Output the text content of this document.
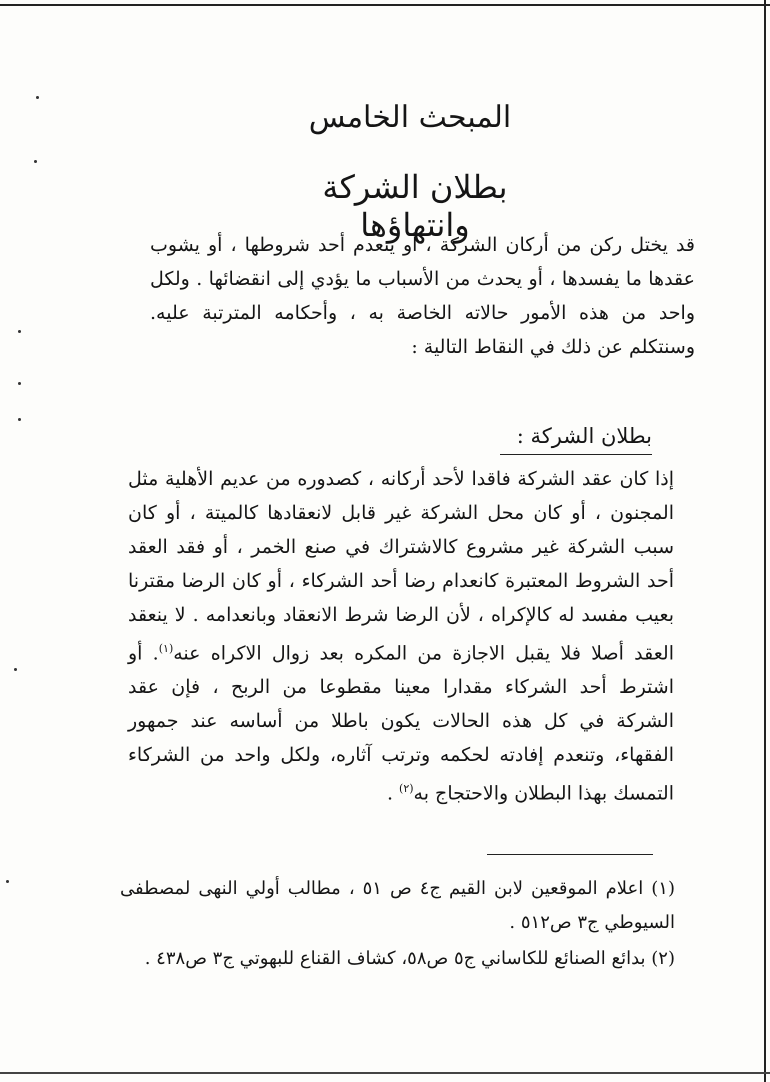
المبحث الخامس
بطلان الشركة وانتهاؤها

قد يختل ركن من أركان الشركة ، أو ينعدم أحد شروطها ، أو يشوب عقدها ما يفسدها ، أو يحدث من الأسباب ما يؤدي إلى انقضائها . ولكل واحد من هذه الأمور حالاته الخاصة به ، وأحكامه المترتبة عليه. وسنتكلم عن ذلك في النقاط التالية :

بطلان الشركة :

إذا كان عقد الشركة فاقدا لأحد أركانه ، كصدوره من عديم الأهلية مثل المجنون ، أو كان محل الشركة غير قابل لانعقادها كالميتة ، أو كان سبب الشركة غير مشروع كالاشتراك في صنع الخمر ، أو فقد العقد أحد الشروط المعتبرة كانعدام رضا أحد الشركاء ، أو كان الرضا مقترنا بعيب مفسد له كالإكراه ، لأن الرضا شرط الانعقاد وبانعدامه . لا ينعقد العقد أصلا فلا يقبل الاجازة من المكره بعد زوال الاكراه عنه$^{(١)}$. أو اشترط أحد الشركاء مقدارا معينا مقطوعا من الربح ، فإن عقد الشركة في كل هذه الحالات يكون باطلا من أساسه عند جمهور الفقهاء، وتنعدم إفادته لحكمه وترتب آثاره، ولكل واحد من الشركاء التمسك بهذا البطلان والاحتجاج به$^{(٢)}$ .

(١) اعلام الموقعين لابن القيم ج٤ ص ٥١ ، مطالب أولي النهى لمصطفى السيوطي ج٣ ص٥١٢ .

(٢) بدائع الصنائع للكاساني ج٥ ص٥٨، كشاف القناع للبهوتي ج٣ ص٤٣٨ .
